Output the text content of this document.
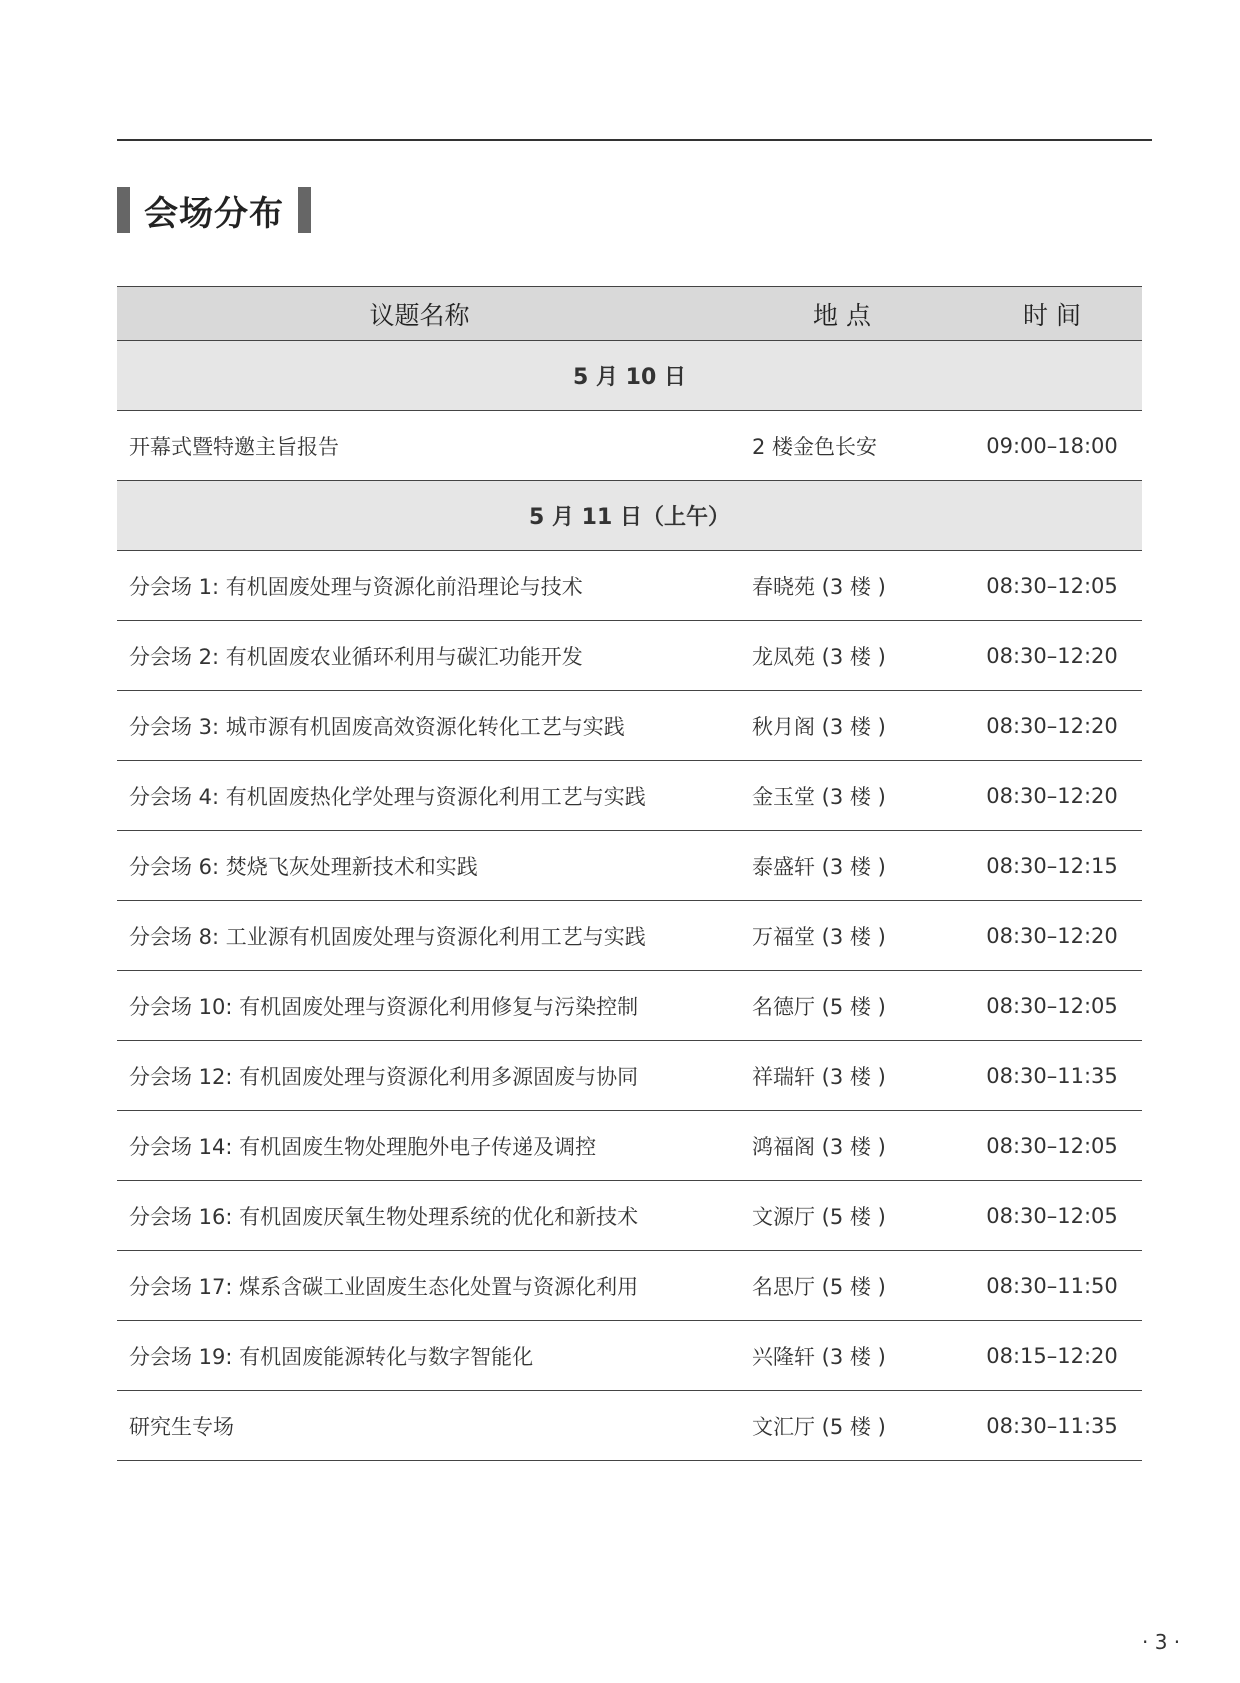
会场分布
议题名称	地 点	时 间
5 月 10 日		
开幕式暨特邀主旨报告	2 楼金色长安	09:00–18:00
5 月 11 日（上午）		
分会场 1: 有机固废处理与资源化前沿理论与技术	春晓苑 (3 楼 )	08:30–12:05
分会场 2: 有机固废农业循环利用与碳汇功能开发	龙凤苑 (3 楼 )	08:30–12:20
分会场 3: 城市源有机固废高效资源化转化工艺与实践	秋月阁 (3 楼 )	08:30–12:20
分会场 4: 有机固废热化学处理与资源化利用工艺与实践	金玉堂 (3 楼 )	08:30–12:20
分会场 6: 焚烧飞灰处理新技术和实践	泰盛轩 (3 楼 )	08:30–12:15
分会场 8: 工业源有机固废处理与资源化利用工艺与实践	万福堂 (3 楼 )	08:30–12:20
分会场 10: 有机固废处理与资源化利用修复与污染控制	名德厅 (5 楼 )	08:30–12:05
分会场 12: 有机固废处理与资源化利用多源固废与协同	祥瑞轩 (3 楼 )	08:30–11:35
分会场 14: 有机固废生物处理胞外电子传递及调控	鸿福阁 (3 楼 )	08:30–12:05
分会场 16: 有机固废厌氧生物处理系统的优化和新技术	文源厅 (5 楼 )	08:30–12:05
分会场 17: 煤系含碳工业固废生态化处置与资源化利用	名思厅 (5 楼 )	08:30–11:50
分会场 19: 有机固废能源转化与数字智能化	兴隆轩 (3 楼 )	08:15–12:20
研究生专场	文汇厅 (5 楼 )	08:30–11:35
· 3 ·
